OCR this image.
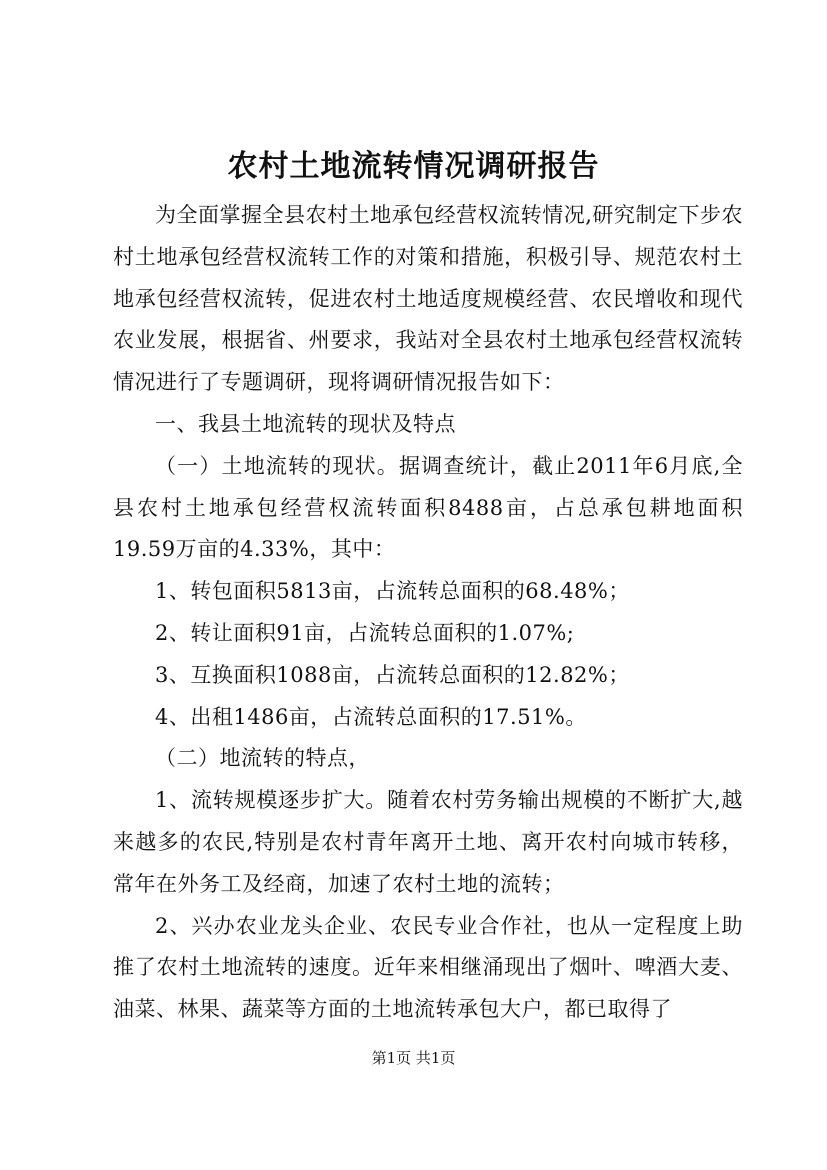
农村土地流转情况调研报告

为全面掌握全县农村土地承包经营权流转情况,研究制定下步农村土地承包经营权流转工作的对策和措施，积极引导、规范农村土地承包经营权流转，促进农村土地适度规模经营、农民增收和现代农业发展，根据省、州要求，我站对全县农村土地承包经营权流转情况进行了专题调研，现将调研情况报告如下：

一、我县土地流转的现状及特点

（一）土地流转的现状。据调查统计，截止2011年6月底,全县农村土地承包经营权流转面积8488亩，占总承包耕地面积19.59万亩的4.33%，其中：

1、转包面积5813亩，占流转总面积的68.48%；

2、转让面积91亩，占流转总面积的1.07%;

3、互换面积1088亩，占流转总面积的12.82%；

4、出租1486亩，占流转总面积的17.51%。

（二）地流转的特点，

1、流转规模逐步扩大。随着农村劳务输出规模的不断扩大,越来越多的农民,特别是农村青年离开土地、离开农村向城市转移，常年在外务工及经商，加速了农村土地的流转；

2、兴办农业龙头企业、农民专业合作社，也从一定程度上助推了农村土地流转的速度。近年来相继涌现出了烟叶、啤酒大麦、油菜、林果、蔬菜等方面的土地流转承包大户，都已取得了

第1页 共1页
